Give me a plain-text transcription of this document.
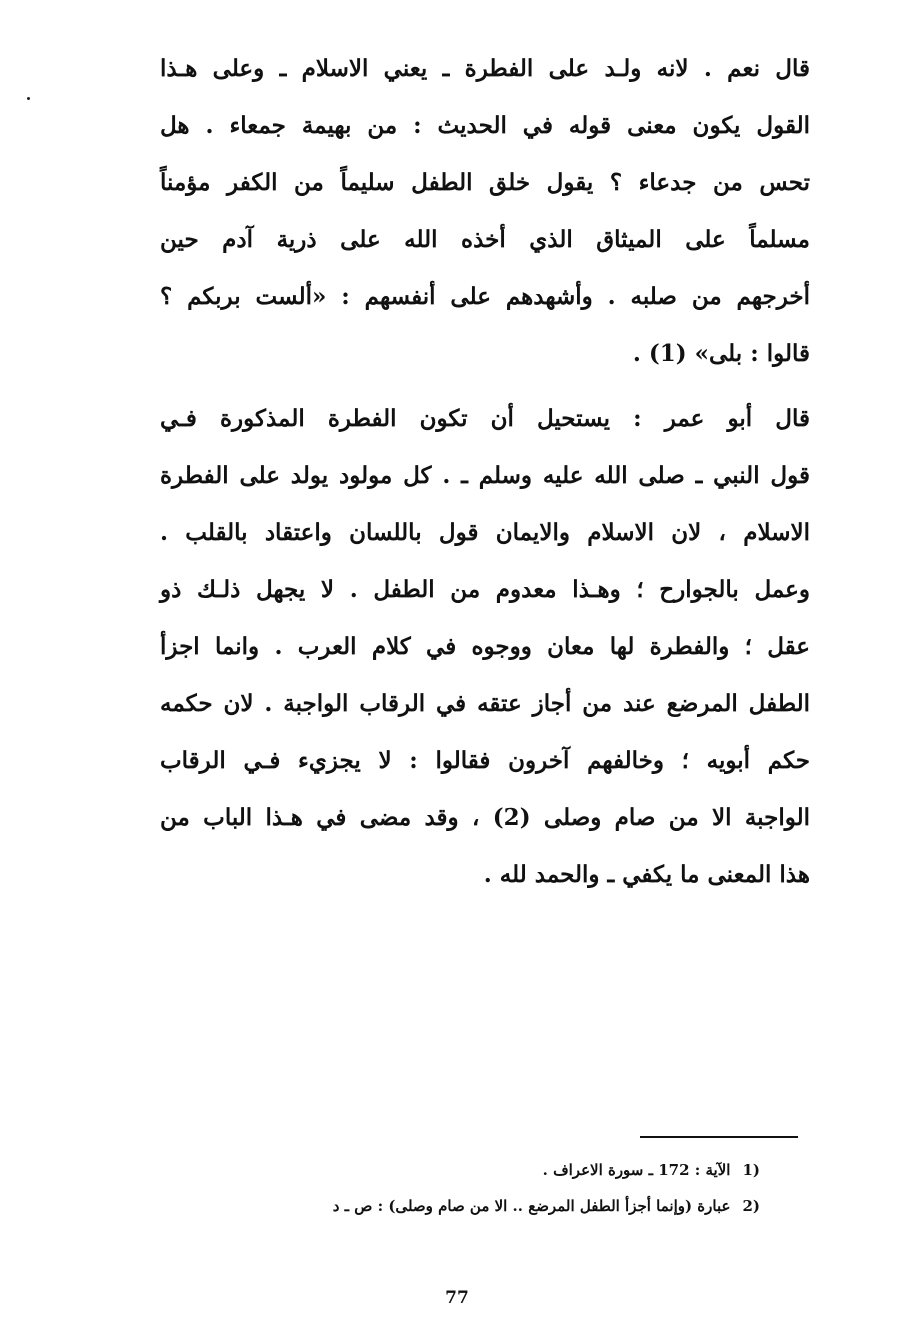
قال نعم . لانه ولـد على الفطرة ـ يعني الاسلام ـ وعلى هـذا
القول يكون معنى قوله في الحديث : من بهيمة جمعاء . هل
تحس من جدعاء ؟ يقول خلق الطفل سليماً من الكفر مؤمناً
مسلماً على الميثاق الذي أخذه الله على ذرية آدم حين
أخرجهم من صلبه . وأشهدهم على أنفسهم : «ألست بربكم ؟
قالوا : بلى» (1) .
قال أبو عمر : يستحيل أن تكون الفطرة المذكورة فـي
قول النبي ـ صلى الله عليه وسلم ـ . كل مولود يولد على الفطرة
الاسلام ، لان الاسلام والايمان قول باللسان واعتقاد بالقلب .
وعمل بالجوارح ؛ وهـذا معدوم من الطفل . لا يجهل ذلـك ذو
عقل ؛ والفطرة لها معان ووجوه في كلام العرب . وانما اجزأ
الطفل المرضع عند من أجاز عتقه في الرقاب الواجبة . لان حكمه
حكم أبويه ؛ وخالفهم آخرون فقالوا : لا يجزيء فـي الرقاب
الواجبة الا من صام وصلى (2) ، وقد مضى في هـذا الباب من
هذا المعنى ما يكفي ـ والحمد لله .
(1الآية : 172 ـ سورة الاعراف .
(2عبارة (وإنما أجزأ الطفل المرضع .. الا من صام وصلى) : ص ـ د
77
